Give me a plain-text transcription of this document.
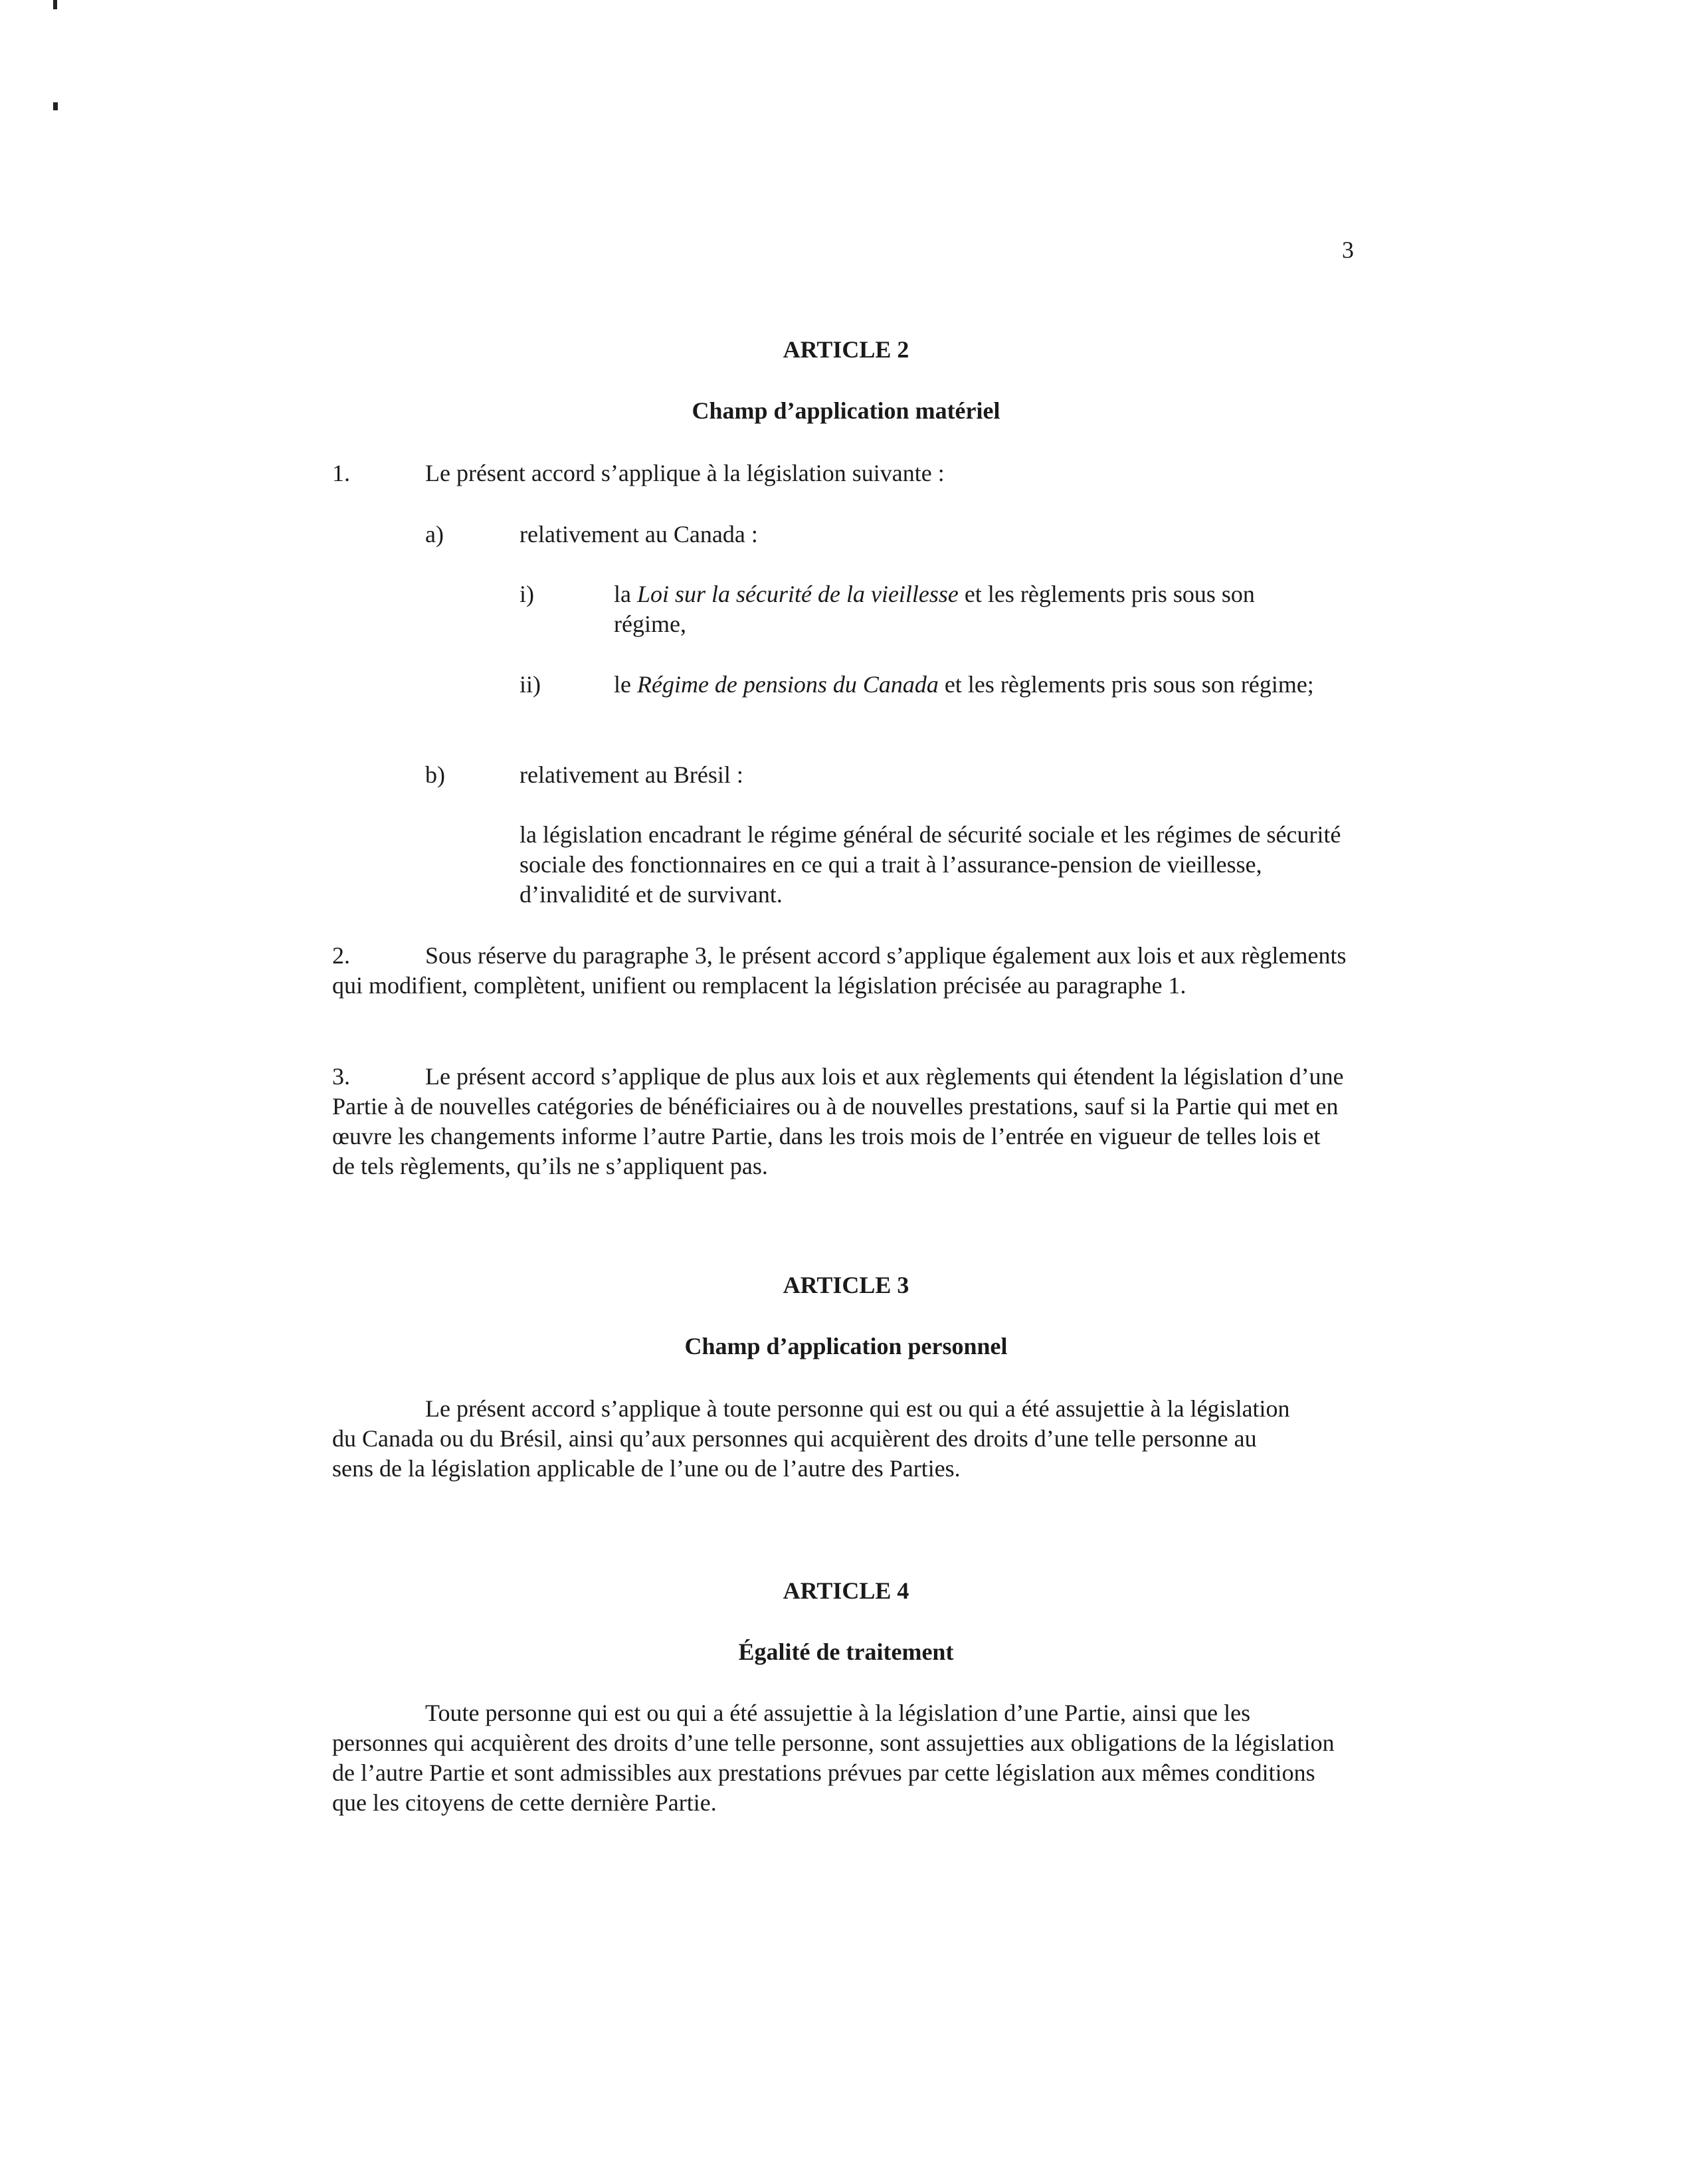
3
ARTICLE 2
Champ d’application matériel
1.	Le présent accord s’applique à la législation suivante :
a)	relativement au Canada :
i)	la Loi sur la sécurité de la vieillesse et les règlements pris sous son régime,
ii)	le Régime de pensions du Canada et les règlements pris sous son régime;
b)	relativement au Brésil :
la législation encadrant le régime général de sécurité sociale et les régimes de sécurité sociale des fonctionnaires en ce qui a trait à l’assurance-pension de vieillesse, d’invalidité et de survivant.
2.	Sous réserve du paragraphe 3, le présent accord s’applique également aux lois et aux règlements qui modifient, complètent, unifient ou remplacent la législation précisée au paragraphe 1.
3.	Le présent accord s’applique de plus aux lois et aux règlements qui étendent la législation d’une Partie à de nouvelles catégories de bénéficiaires ou à de nouvelles prestations, sauf si la Partie qui met en œuvre les changements informe l’autre Partie, dans les trois mois de l’entrée en vigueur de telles lois et de tels règlements, qu’ils ne s’appliquent pas.
ARTICLE 3
Champ d’application personnel
Le présent accord s’applique à toute personne qui est ou qui a été assujettie à la législation du Canada ou du Brésil, ainsi qu’aux personnes qui acquièrent des droits d’une telle personne au sens de la législation applicable de l’une ou de l’autre des Parties.
ARTICLE 4
Égalité de traitement
Toute personne qui est ou qui a été assujettie à la législation d’une Partie, ainsi que les personnes qui acquièrent des droits d’une telle personne, sont assujetties aux obligations de la législation de l’autre Partie et sont admissibles aux prestations prévues par cette législation aux mêmes conditions que les citoyens de cette dernière Partie.
